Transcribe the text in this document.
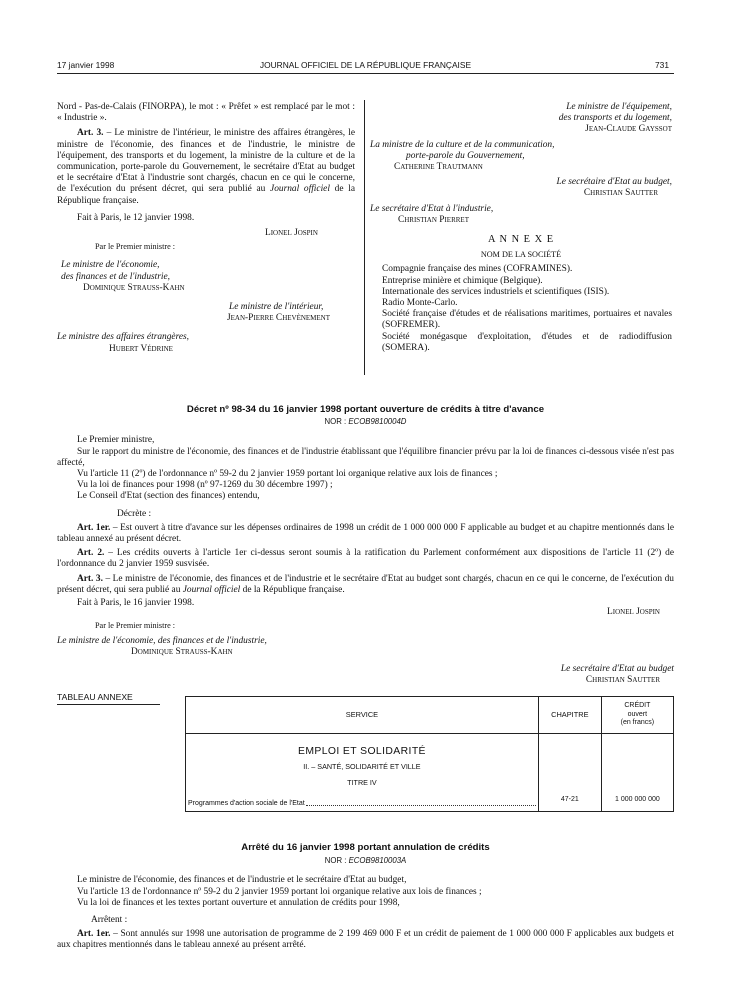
17 janvier 1998	JOURNAL OFFICIEL DE LA RÉPUBLIQUE FRANÇAISE	731

Nord - Pas-de-Calais (FINORPA), le mot : « Prêfet » est remplacé par le mot : « Industrie ».

Art. 3. – Le ministre de l'intérieur, le ministre des affaires étrangères, le ministre de l'économie, des finances et de l'industrie, le ministre de l'équipement, des transports et du logement, la ministre de la culture et de la communication, porte-parole du Gouvernement, le secrétaire d'Etat au budget et le secrétaire d'Etat à l'industrie sont chargés, chacun en ce qui le concerne, de l'exécution du présent décret, qui sera publié au Journal officiel de la République française.

Fait à Paris, le 12 janvier 1998.

Lionel Jospin

Par le Premier ministre :

Le ministre de l'économie,

des finances et de l'industrie,

Dominique Strauss-Kahn

Le ministre de l'intérieur,

Jean-Pierre Chevènement

Le ministre des affaires étrangères,

Hubert Védrine

Le ministre de l'équipement,

des transports et du logement,

Jean-Claude Gayssot

La ministre de la culture et de la communication,

porte-parole du Gouvernement,

Catherine Trautmann

Le secrétaire d'Etat au budget,

Christian Sautter

Le secrétaire d'Etat à l'industrie,

Christian Pierret

A N N E X E

NOM DE LA SOCIÉTÉ

Compagnie française des mines (COFRAMINES).

Entreprise minière et chimique (Belgique).

Internationale des services industriels et scientifiques (ISIS).

Radio Monte-Carlo.

Société française d'études et de réalisations maritimes, portuaires et navales (SOFREMER).

Société monégasque d'exploitation, d'études et de radiodiffusion (SOMERA).

Décret nº 98-34 du 16 janvier 1998 portant ouverture de crédits à titre d'avance

NOR : ECOB9810004D

Le Premier ministre,

Sur le rapport du ministre de l'économie, des finances et de l'industrie établissant que l'équilibre financier prévu par la loi de finances ci-dessous visée n'est pas affecté,

Vu l'article 11 (2º) de l'ordonnance nº 59-2 du 2 janvier 1959 portant loi organique relative aux lois de finances ;

Vu la loi de finances pour 1998 (nº 97-1269 du 30 décembre 1997) ;

Le Conseil d'Etat (section des finances) entendu,

Décrète :

Art. 1er. – Est ouvert à titre d'avance sur les dépenses ordinaires de 1998 un crédit de 1 000 000 000 F applicable au budget et au chapitre mentionnés dans le tableau annexé au présent décret.

Art. 2. – Les crédits ouverts à l'article 1er ci-dessus seront soumis à la ratification du Parlement conformément aux dispositions de l'article 11 (2º) de l'ordonnance du 2 janvier 1959 susvisée.

Art. 3. – Le ministre de l'économie, des finances et de l'industrie et le secrétaire d'Etat au budget sont chargés, chacun en ce qui le concerne, de l'exécution du présent décret, qui sera publié au Journal officiel de la République française.

Fait à Paris, le 16 janvier 1998.

Lionel Jospin

Par le Premier ministre :

Le ministre de l'économie, des finances et de l'industrie,

Dominique Strauss-Kahn

Le secrétaire d'Etat au budget

Christian Sautter

TABLEAU ANNEXE
SERVICE	CHAPITRE	CRÉDIT
ouvert
(en francs)

EMPLOI ET SOLIDARITÉ
II. – SANTÉ, SOLIDARITÉ ET VILLE
TITRE IV
Programmes d'action sociale de l'Etat	47-21	1 000 000 000

Arrêté du 16 janvier 1998 portant annulation de crédits

NOR : ECOB9810003A

Le ministre de l'économie, des finances et de l'industrie et le secrétaire d'Etat au budget,

Vu l'article 13 de l'ordonnance nº 59-2 du 2 janvier 1959 portant loi organique relative aux lois de finances ;

Vu la loi de finances et les textes portant ouverture et annulation de crédits pour 1998,

Arrêtent :

Art. 1er. – Sont annulés sur 1998 une autorisation de programme de 2 199 469 000 F et un crédit de paiement de 1 000 000 000 F applicables aux budgets et aux chapitres mentionnés dans le tableau annexé au présent arrêté.
